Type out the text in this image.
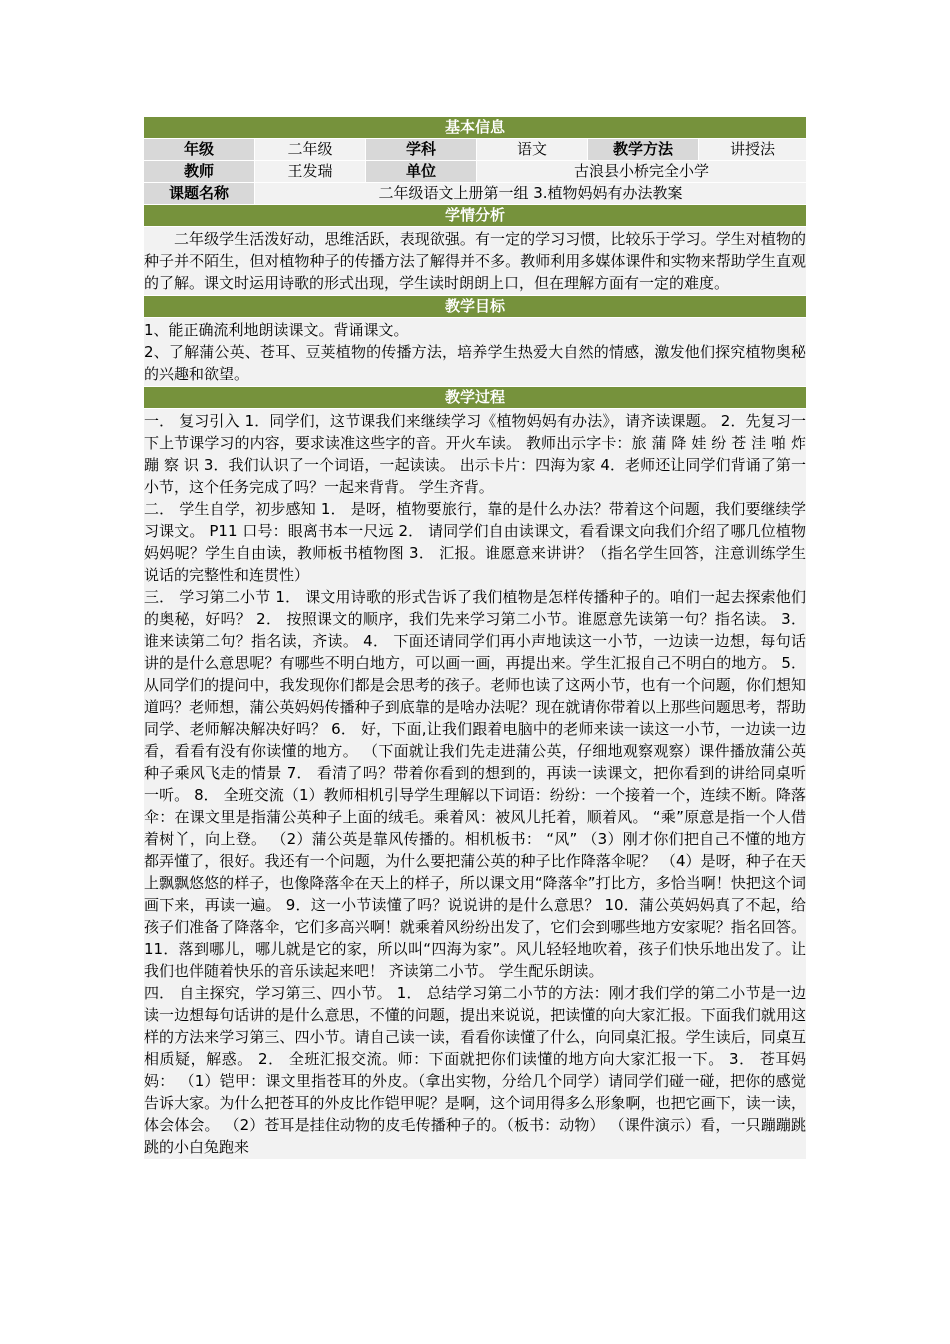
基本信息
年级	二年级	学科	语文	教学方法	讲授法
教师	王发瑞	单位	古浪县小桥完全小学
课题名称	二年级语文上册第一组 3.植物妈妈有办法教案
学情分析

二年级学生活泼好动，思维活跃，表现欲强。有一定的学习习惯，比较乐于学习。学生对植物的种子并不陌生，但对植物种子的传播方法了解得并不多。教师利用多媒体课件和实物来帮助学生直观的了解。课文时运用诗歌的形式出现，学生读时朗朗上口，但在理解方面有一定的难度。

教学目标

1、能正确流利地朗读课文。背诵课文。

2、了解蒲公英、苍耳、豆荚植物的传播方法，培养学生热爱大自然的情感，激发他们探究植物奥秘的兴趣和欲望。

教学过程

一． 复习引入 1．同学们，这节课我们来继续学习《植物妈妈有办法》，请齐读课题。 2．先复习一下上节课学习的内容，要求读准这些字的音。开火车读。 教师出示字卡：旅 蒲 降 娃 纷 苍 洼 啪 炸 蹦 察 识 3．我们认识了一个词语，一起读读。 出示卡片：四海为家 4．老师还让同学们背诵了第一小节，这个任务完成了吗？一起来背背。 学生齐背。

二． 学生自学，初步感知 1． 是呀，植物要旅行，靠的是什么办法？带着这个问题，我们要继续学习课文。 P11 口号：眼离书本一尺远 2． 请同学们自由读课文，看看课文向我们介绍了哪几位植物妈妈呢？学生自由读，教师板书植物图 3． 汇报。谁愿意来讲讲？（指名学生回答，注意训练学生说话的完整性和连贯性）

三． 学习第二小节 1． 课文用诗歌的形式告诉了我们植物是怎样传播种子的。咱们一起去探索他们的奥秘，好吗？ 2． 按照课文的顺序，我们先来学习第二小节。谁愿意先读第一句？指名读。 3． 谁来读第二句？指名读，齐读。 4． 下面还请同学们再小声地读这一小节，一边读一边想，每句话讲的是什么意思呢？有哪些不明白地方，可以画一画，再提出来。学生汇报自己不明白的地方。 5． 从同学们的提问中，我发现你们都是会思考的孩子。老师也读了这两小节，也有一个问题，你们想知道吗？老师想，蒲公英妈妈传播种子到底靠的是啥办法呢？现在就请你带着以上那些问题思考，帮助同学、老师解决解决好吗？ 6． 好，下面,让我们跟着电脑中的老师来读一读这一小节，一边读一边看，看看有没有你读懂的地方。 （下面就让我们先走进蒲公英，仔细地观察观察）课件播放蒲公英种子乘风飞走的情景 7． 看清了吗？带着你看到的想到的，再读一读课文，把你看到的讲给同桌听一听。 8． 全班交流（1）教师相机引导学生理解以下词语：纷纷：一个接着一个，连续不断。降落伞：在课文里是指蒲公英种子上面的绒毛。乘着风：被风儿托着，顺着风。 “乘”原意是指一个人借着树丫，向上登。 （2）蒲公英是靠风传播的。相机板书： “风” （3）刚才你们把自己不懂的地方都弄懂了，很好。我还有一个问题，为什么要把蒲公英的种子比作降落伞呢？ （4）是呀，种子在天上飘飘悠悠的样子，也像降落伞在天上的样子，所以课文用“降落伞”打比方，多恰当啊！快把这个词画下来，再读一遍。 9．这一小节读懂了吗？说说讲的是什么意思？ 10．蒲公英妈妈真了不起，给孩子们准备了降落伞，它们多高兴啊！就乘着风纷纷出发了，它们会到哪些地方安家呢？指名回答。 11．落到哪儿，哪儿就是它的家，所以叫“四海为家”。风儿轻轻地吹着，孩子们快乐地出发了。让我们也伴随着快乐的音乐读起来吧！ 齐读第二小节。 学生配乐朗读。

四． 自主探究，学习第三、四小节。 1． 总结学习第二小节的方法：刚才我们学的第二小节是一边读一边想每句话讲的是什么意思，不懂的问题，提出来说说，把读懂的向大家汇报。下面我们就用这样的方法来学习第三、四小节。请自己读一读，看看你读懂了什么，向同桌汇报。学生读后，同桌互相质疑，解惑。 2． 全班汇报交流。师：下面就把你们读懂的地方向大家汇报一下。 3． 苍耳妈妈： （1）铠甲：课文里指苍耳的外皮。（拿出实物，分给几个同学）请同学们碰一碰，把你的感觉告诉大家。为什么把苍耳的外皮比作铠甲呢？是啊，这个词用得多么形象啊，也把它画下，读一读，体会体会。 （2）苍耳是挂住动物的皮毛传播种子的。（板书：动物） （课件演示）看，一只蹦蹦跳跳的小白兔跑来
